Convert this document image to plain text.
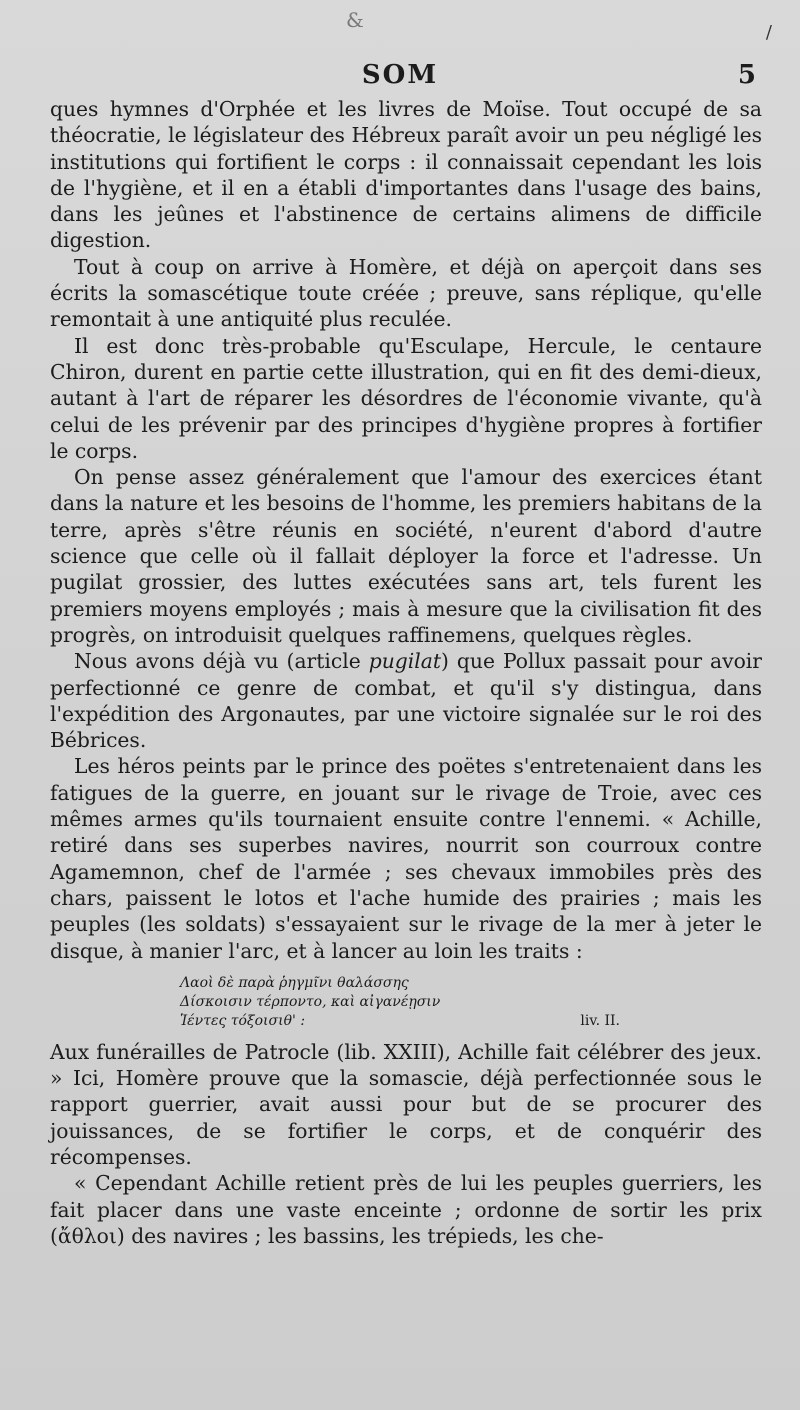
&
/
SOM	5

ques hymnes d'Orphée et les livres de Moïse. Tout occupé de sa théocratie, le législateur des Hébreux paraît avoir un peu négligé les institutions qui fortifient le corps : il connaissait cependant les lois de l'hygiène, et il en a établi d'importantes dans l'usage des bains, dans les jeûnes et l'abstinence de certains alimens de difficile digestion.

Tout à coup on arrive à Homère, et déjà on aperçoit dans ses écrits la somascétique toute créée ; preuve, sans réplique, qu'elle remontait à une antiquité plus reculée.

Il est donc très-probable qu'Esculape, Hercule, le centaure Chiron, durent en partie cette illustration, qui en fit des demi-dieux, autant à l'art de réparer les désordres de l'économie vivante, qu'à celui de les prévenir par des principes d'hygiène propres à fortifier le corps.

On pense assez généralement que l'amour des exercices étant dans la nature et les besoins de l'homme, les premiers habitans de la terre, après s'être réunis en société, n'eurent d'abord d'autre science que celle où il fallait déployer la force et l'adresse. Un pugilat grossier, des luttes exécutées sans art, tels furent les premiers moyens employés ; mais à mesure que la civilisation fit des progrès, on introduisit quelques raffinemens, quelques règles.

Nous avons déjà vu (article pugilat) que Pollux passait pour avoir perfectionné ce genre de combat, et qu'il s'y distingua, dans l'expédition des Argonautes, par une victoire signalée sur le roi des Bébrices.

Les héros peints par le prince des poëtes s'entretenaient dans les fatigues de la guerre, en jouant sur le rivage de Troie, avec ces mêmes armes qu'ils tournaient ensuite contre l'ennemi. « Achille, retiré dans ses superbes navires, nourrit son courroux contre Agamemnon, chef de l'armée ; ses chevaux immobiles près des chars, paissent le lotos et l'ache humide des prairies ; mais les peuples (les soldats) s'essayaient sur le rivage de la mer à jeter le disque, à manier l'arc, et à lancer au loin les traits :

Λαοὶ δὲ παρὰ ῥηγμῖνι θαλάσσης
Δίσκοισιν τέρποντο, καὶ αἰγανέῃσιν
Ἱέντες τόξοισιθ' :	liv. II.

Aux funérailles de Patrocle (lib. XXIII), Achille fait célébrer des jeux. » Ici, Homère prouve que la somascie, déjà perfectionnée sous le rapport guerrier, avait aussi pour but de se procurer des jouissances, de se fortifier le corps, et de conquérir des récompenses.

« Cependant Achille retient près de lui les peuples guerriers, les fait placer dans une vaste enceinte ; ordonne de sortir les prix (ἄθλοι) des navires ; les bassins, les trépieds, les che-
